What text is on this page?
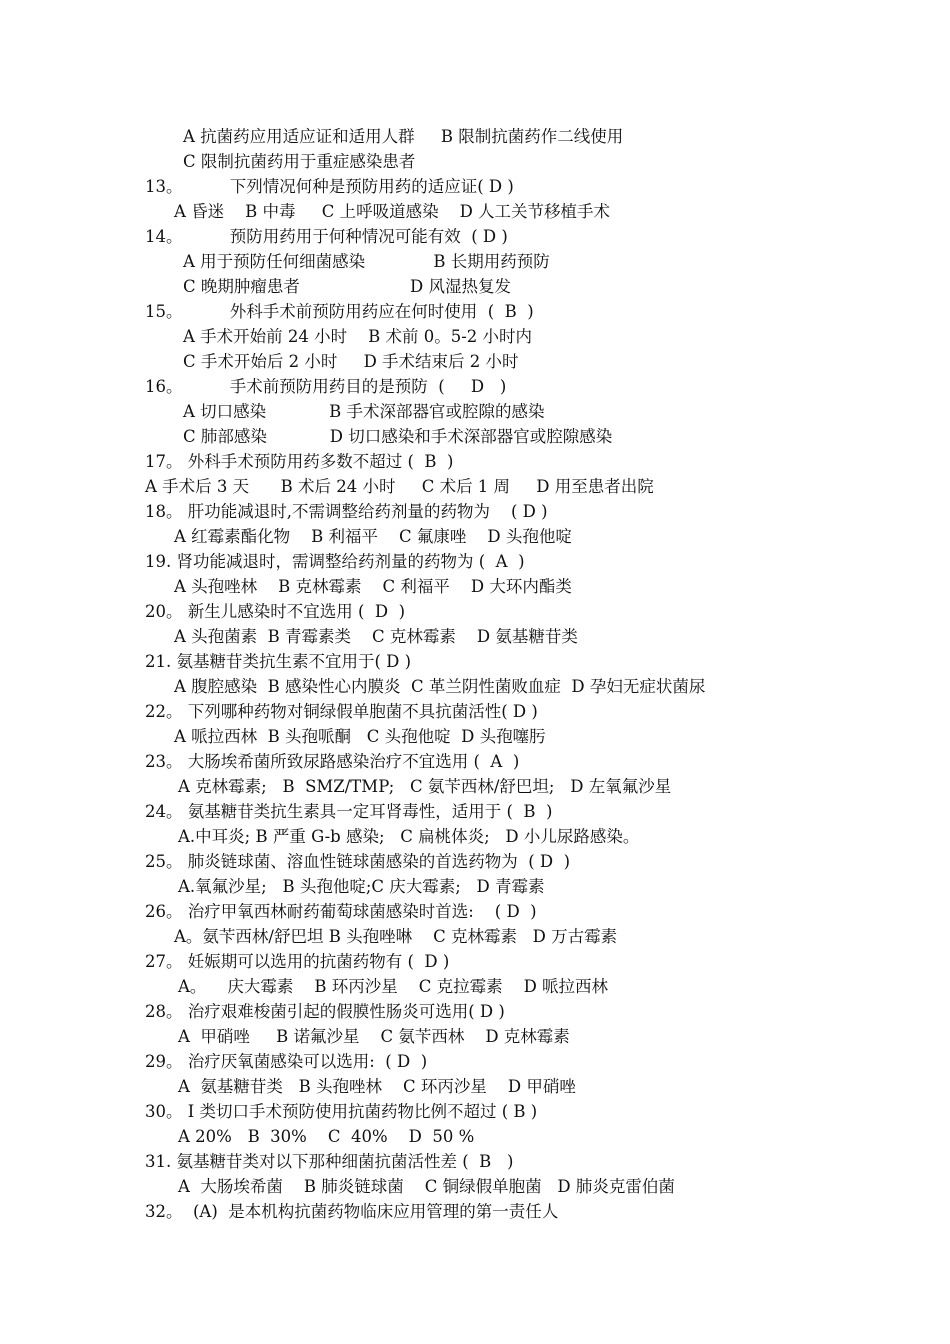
A 抗菌药应用适应证和适用人群     B 限制抗菌药作二线使用
C 限制抗菌药用于重症感染患者
13。         下列情况何种是预防用药的适应证( D )
A 昏迷    B 中毒     C 上呼吸道感染    D 人工关节移植手术
14。         预防用药用于何种情况可能有效  ( D )
A 用于预防任何细菌感染             B 长期用药预防
C 晚期肿瘤患者                     D 风湿热复发
15。         外科手术前预防用药应在何时使用  (  B  )
A 手术开始前 24 小时    B 术前 0。5-2 小时内
C 手术开始后 2 小时     D 手术结束后 2 小时
16。         手术前预防用药目的是预防  (     D   )
A 切口感染            B 手术深部器官或腔隙的感染
C 肺部感染            D 切口感染和手术深部器官或腔隙感染
17。 外科手术预防用药多数不超过 (  B  )
A 手术后 3 天      B 术后 24 小时     C 术后 1 周     D 用至患者出院
18。 肝功能减退时,不需调整给药剂量的药物为    ( D )
A 红霉素酯化物    B 利福平    C 氟康唑    D 头孢他啶
19. 肾功能减退时，需调整给药剂量的药物为 (  A  )
A 头孢唑林    B 克林霉素    C 利福平    D 大环内酯类
20。 新生儿感染时不宜选用 (  D  )
A 头孢菌素  B 青霉素类    C 克林霉素    D 氨基糖苷类
21. 氨基糖苷类抗生素不宜用于( D )
A 腹腔感染  B 感染性心内膜炎  C 革兰阴性菌败血症  D 孕妇无症状菌尿
22。 下列哪种药物对铜绿假单胞菌不具抗菌活性( D )
A 哌拉西林  B 头孢哌酮   C 头孢他啶  D 头孢噻肟
23。 大肠埃希菌所致尿路感染治疗不宜选用 (  A  )
A 克林霉素;   B  SMZ/TMP;   C 氨苄西林/舒巴坦;   D 左氧氟沙星
24。 氨基糖苷类抗生素具一定耳肾毒性，适用于 (  B  )
A.中耳炎; B 严重 G-b 感染;   C 扁桃体炎;   D 小儿尿路感染。
25。 肺炎链球菌、溶血性链球菌感染的首选药物为  ( D  )
A.氧氟沙星;   B 头孢他啶;C 庆大霉素;   D 青霉素
26。 治疗甲氧西林耐药葡萄球菌感染时首选:    ( D  )
A。氨苄西林/舒巴坦 B 头孢唑啉    C 克林霉素   D 万古霉素
27。 妊娠期可以选用的抗菌药物有 (  D )
A。    庆大霉素    B 环丙沙星    C 克拉霉素    D 哌拉西林
28。 治疗艰难梭菌引起的假膜性肠炎可选用( D )
A  甲硝唑     B 诺氟沙星    C 氨苄西林    D 克林霉素
29。 治疗厌氧菌感染可以选用:  ( D  )
A  氨基糖苷类   B 头孢唑林    C 环丙沙星    D 甲硝唑
30。 I 类切口手术预防使用抗菌药物比例不超过 ( B )
A 20%   B  30%    C  40%    D  50 %
31. 氨基糖苷类对以下那种细菌抗菌活性差 (  B   )
A  大肠埃希菌    B 肺炎链球菌    C 铜绿假单胞菌   D 肺炎克雷伯菌
32。  (A)  是本机构抗菌药物临床应用管理的第一责任人
